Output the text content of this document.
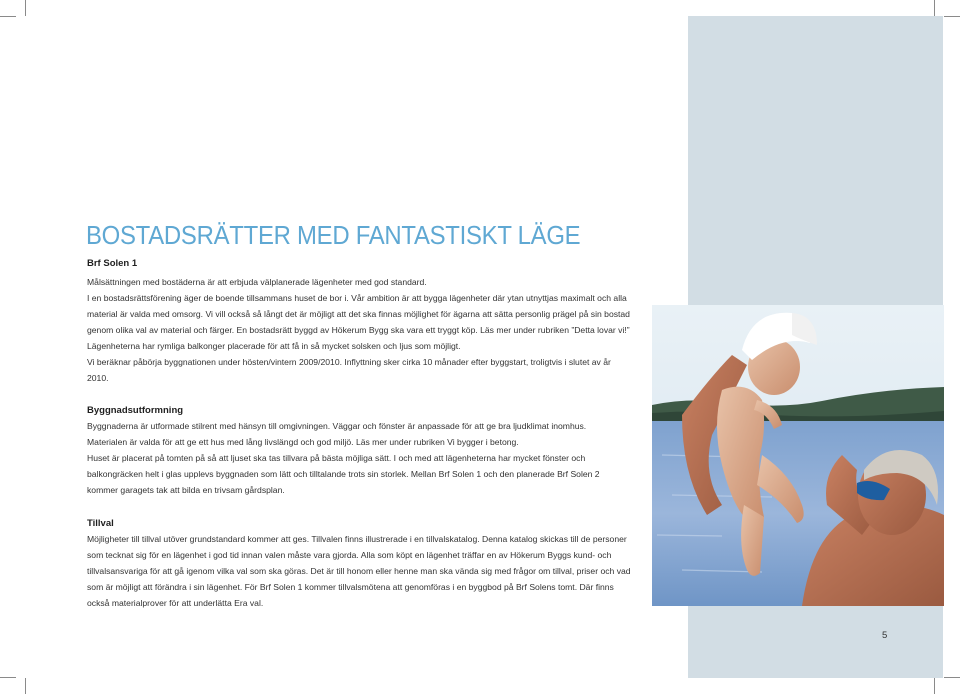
BOSTADSRÄTTER MED FANTASTISKT LÄGE
Brf Solen 1

Målsättningen med bostäderna är att erbjuda välplanerade lägenheter med god standard.

I en bostadsrättsförening äger de boende tillsammans huset de bor i. Vår ambition är att bygga lägenheter där ytan utnyttjas maximalt och alla

material är valda med omsorg. Vi vill också så långt det är möjligt att det ska finnas möjlighet för ägarna att sätta personlig prägel på sin bostad

genom olika val av material och färger. En bostadsrätt byggd av Hökerum Bygg ska vara ett tryggt köp. Läs mer under rubriken ”Detta lovar vi!”

Lägenheterna har rymliga balkonger placerade för att få in så mycket solsken och ljus som möjligt.

Vi beräknar påbörja byggnationen under hösten/vintern 2009/2010. Inflyttning sker cirka 10 månader efter byggstart, troligtvis i slutet av år

2010.

Byggnadsutformning

Byggnaderna är utformade stilrent med hänsyn till omgivningen. Väggar och fönster är anpassade för att ge bra ljudklimat inomhus.

Materialen är valda för att ge ett hus med lång livslängd och god miljö. Läs mer under rubriken Vi bygger i betong.

Huset är placerat på tomten på så att ljuset ska tas tillvara på bästa möjliga sätt. I och med att lägenheterna har mycket fönster och

balkongräcken helt i glas upplevs byggnaden som lätt och tilltalande trots sin storlek. Mellan Brf Solen 1 och den planerade Brf Solen 2

kommer garagets tak att bilda en trivsam gårdsplan.

Tillval

Möjligheter till tillval utöver grundstandard kommer att ges. Tillvalen finns illustrerade i en tillvalskatalog. Denna katalog skickas till de personer

som tecknat sig för en lägenhet i god tid innan valen måste vara gjorda. Alla som köpt en lägenhet träffar en av Hökerum Byggs kund- och

tillvalsansvariga för att gå igenom vilka val som ska göras. Det är till honom eller henne man ska vända sig med frågor om tillval, priser och vad

som är möjligt att förändra i sin lägenhet. För Brf Solen 1 kommer tillvalsmötena att genomföras i en byggbod på Brf Solens tomt. Där finns

också materialprover för att underlätta Era val.

5
